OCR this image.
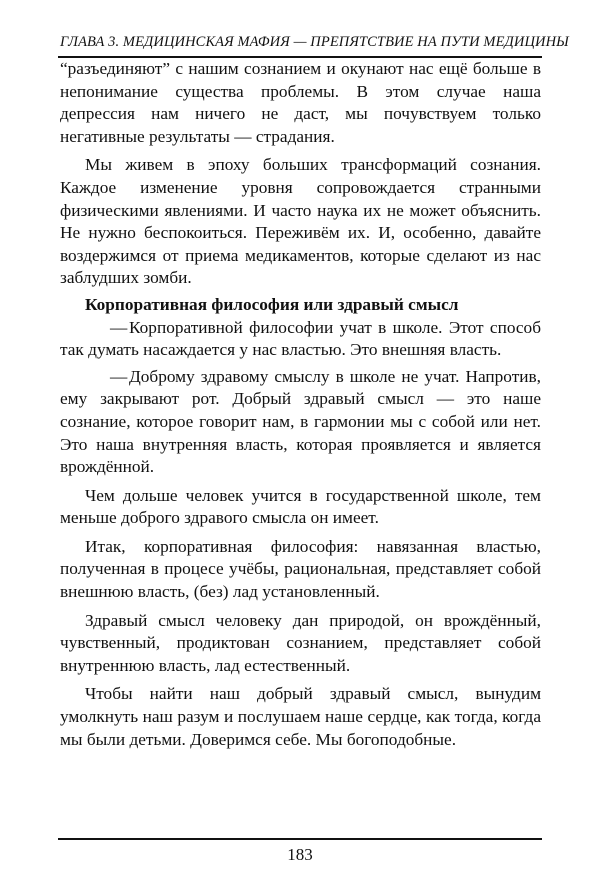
ГЛАВА 3. МЕДИЦИНСКАЯ МАФИЯ — ПРЕПЯТСТВИЕ НА ПУТИ МЕДИЦИНЫ

“разъединяют” с нашим сознанием и окунают нас ещё больше в непонимание существа проблемы. В этом случае наша депрессия нам ничего не даст, мы почувствуем только негативные результаты — страдания.

Мы живем в эпоху больших трансформаций сознания. Каждое изменение уровня сопровождается странными физическими явлениями. И часто наука их не может объяснить. Не нужно беспокоиться. Переживём их. И, особенно, давайте воздержимся от приема медикаментов, которые сделают из нас заблудших зомби.

Корпоративная философия или здравый смысл

—Корпоративной философии учат в школе. Этот способ так думать насаждается у нас властью. Это внешняя власть.

—Доброму здравому смыслу в школе не учат. Напротив, ему закрывают рот. Добрый здравый смысл — это наше сознание, которое говорит нам, в гармонии мы с собой или нет. Это наша внутренняя власть, которая проявляется и является врождённой.

Чем дольше человек учится в государственной школе, тем меньше доброго здравого смысла он имеет.

Итак, корпоративная философия: навязанная властью, полученная в процесе учёбы, рациональная, представляет собой внешнюю власть, (без) лад установленный.

Здравый смысл человеку дан природой, он врождённый, чувственный, продиктован сознанием, представляет собой внутреннюю власть, лад естественный.

Чтобы найти наш добрый здравый смысл, вынудим умолкнуть наш разум и послушаем наше сердце, как тогда, когда мы были детьми. Доверимся себе. Мы богоподобные.

183
